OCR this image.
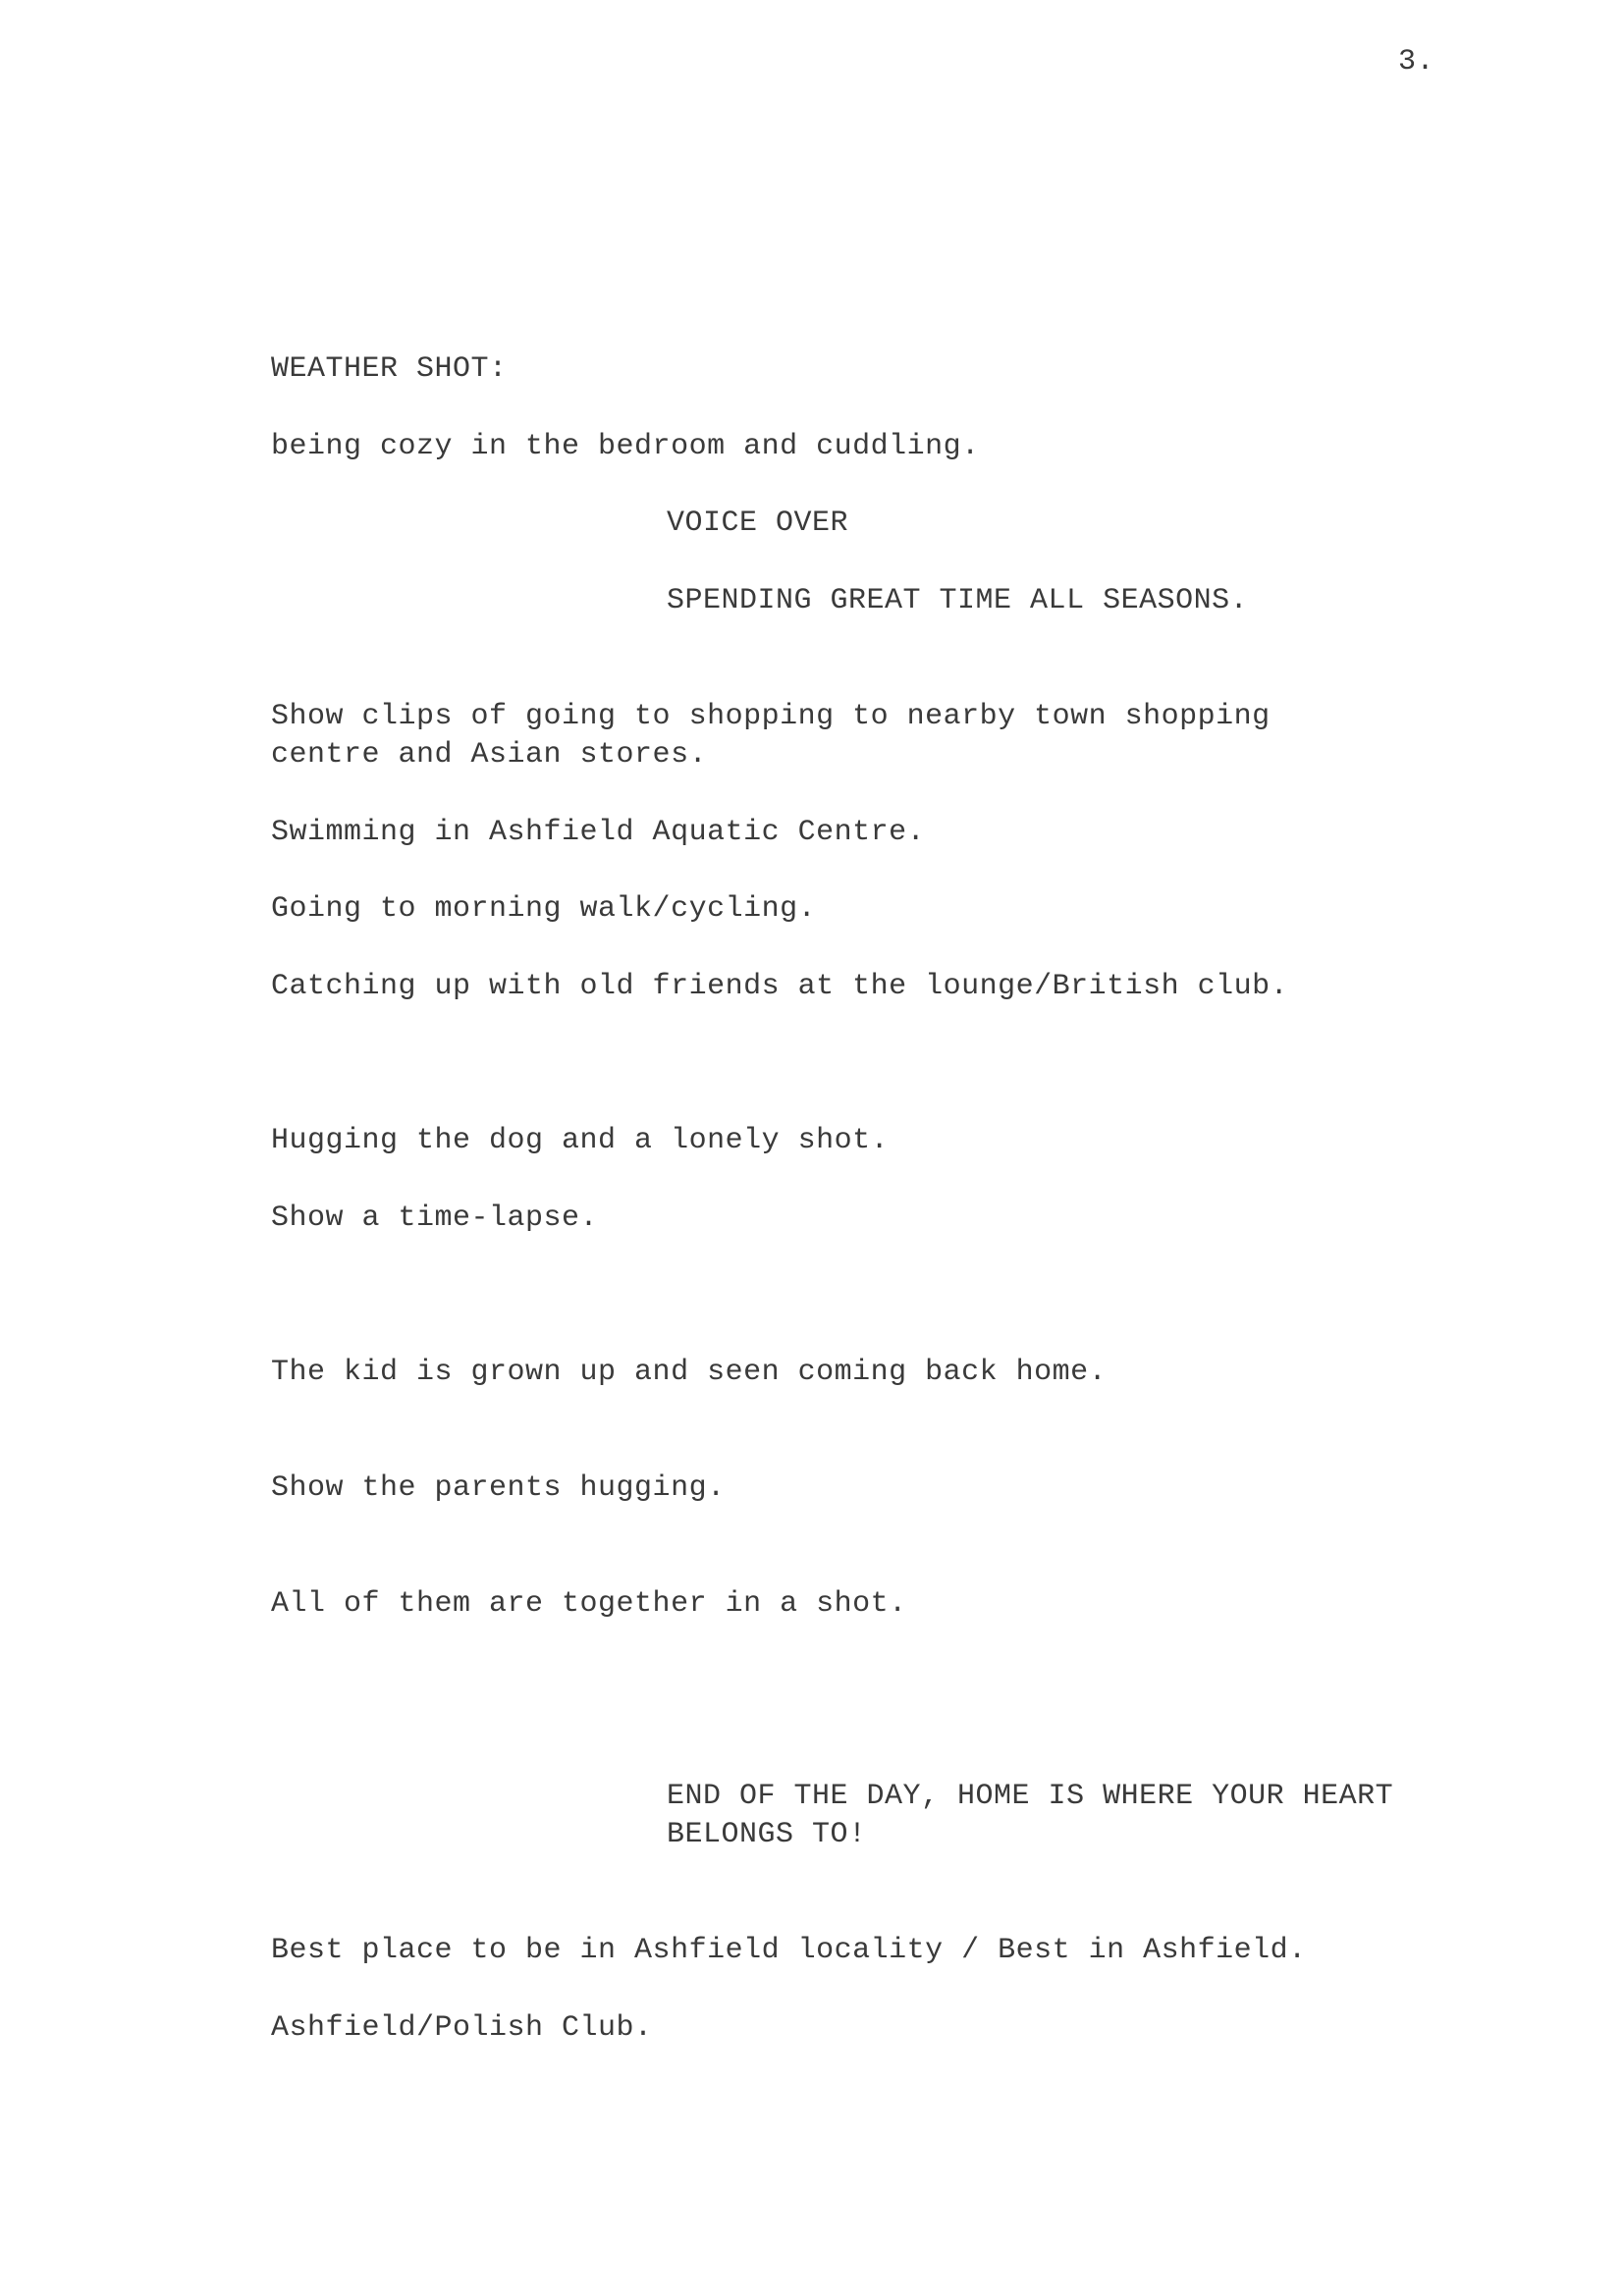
3.
WEATHER SHOT:
being cozy in the bedroom and cuddling.
VOICE OVER
SPENDING GREAT TIME ALL SEASONS.
Show clips of going to shopping to nearby town shopping
centre and Asian stores.
Swimming in Ashfield Aquatic Centre.
Going to morning walk/cycling.
Catching up with old friends at the lounge/British club.
Hugging the dog and a lonely shot.
Show a time-lapse.
The kid is grown up and seen coming back home.
Show the parents hugging.
All of them are together in a shot.
END OF THE DAY, HOME IS WHERE YOUR HEART
BELONGS TO!
Best place to be in Ashfield locality / Best in Ashfield.
Ashfield/Polish Club.
